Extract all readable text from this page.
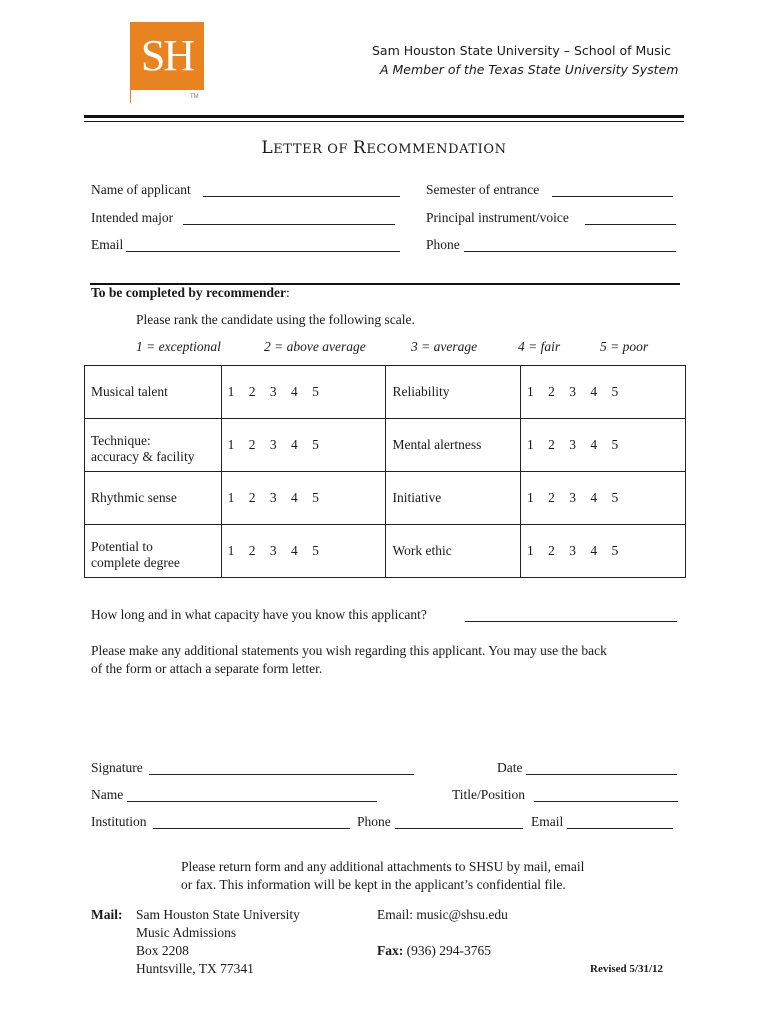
SH
TM
Sam Houston State University – School of Music
A Member of the Texas State University System
LETTER OF RECOMMENDATION
Name of applicant	Semester of entrance
Intended major	Principal instrument/voice
Email	Phone
To be completed by recommender:
Please rank the candidate using the following scale.
1 = exceptional	2 = above average	3 = average	4 = fair	5 = poor
Musical talent	1 2 3 4 5	Reliability	1 2 3 4 5

Technique:
accuracy & facility	1 2 3 4 5	Mental alertness	1 2 3 4 5
Rhythmic sense	1 2 3 4 5	Initiative	1 2 3 4 5

Potential to
complete degree	1 2 3 4 5	Work ethic	1 2 3 4 5
How long and in what capacity have you know this applicant?
Please make any additional statements you wish regarding this applicant. You may use the back
of the form or attach a separate form letter.
Signature	Date
Name	Title/Position
Institution	Phone	Email
Please return form and any additional attachments to SHSU by mail, email
or fax. This information will be kept in the applicant’s confidential file.
Mail: Sam Houston State University
Music Admissions
Box 2208
Huntsville, TX 77341
Email: music@shsu.edu
Fax: (936) 294-3765
Revised 5/31/12
